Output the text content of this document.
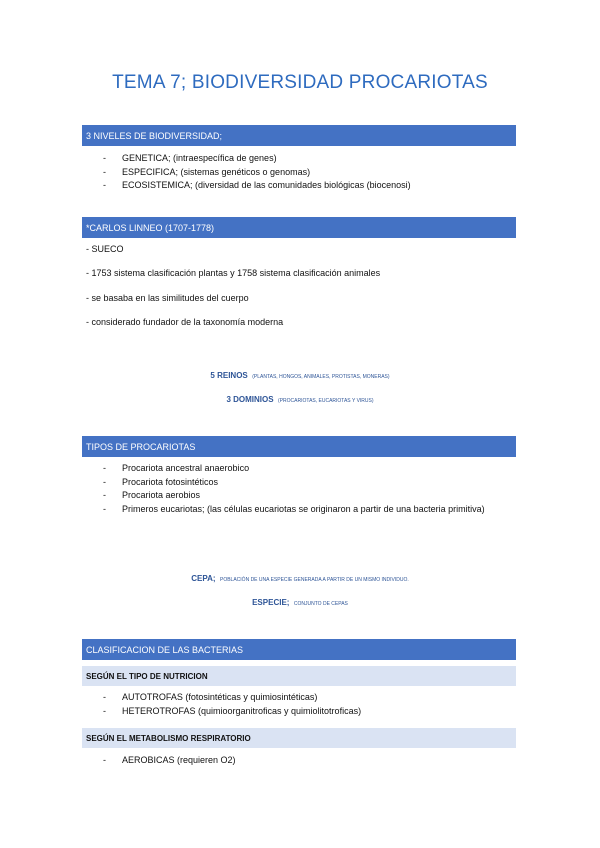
TEMA 7; BIODIVERSIDAD PROCARIOTAS
3 NIVELES DE BIODIVERSIDAD;
- GENETICA; (intraespecífica de genes)
- ESPECIFICA; (sistemas genéticos o genomas)
- ECOSISTEMICA; (diversidad de las comunidades biológicas (biocenosi)
*CARLOS LINNEO (1707-1778)
- SUECO
- 1753 sistema clasificación plantas y 1758 sistema clasificación animales
- se basaba en las similitudes del cuerpo
- considerado fundador de la taxonomía moderna
5 REINOS (PLANTAS, HONGOS, ANIMALES, PROTISTAS, MONERAS)
3 DOMINIOS (PROCARIOTAS, EUCARIOTAS Y VIRUS)
TIPOS DE PROCARIOTAS
- Procariota ancestral anaerobico
- Procariota fotosintéticos
- Procariota aerobios
- Primeros eucariotas; (las células eucariotas se originaron a partir de una bacteria primitiva)
CEPA; POBLACIÓN DE UNA ESPECIE GENERADA A PARTIR DE UN MISMO INDIVIDUO.
ESPECIE; CONJUNTO DE CEPAS
CLASIFICACION DE LAS BACTERIAS
SEGÚN EL TIPO DE NUTRICION
- AUTOTROFAS (fotosintéticas y quimiosintéticas)
- HETEROTROFAS (quimioorganitroficas y quimiolitotroficas)
SEGÚN EL METABOLISMO RESPIRATORIO
- AEROBICAS (requieren O2)
